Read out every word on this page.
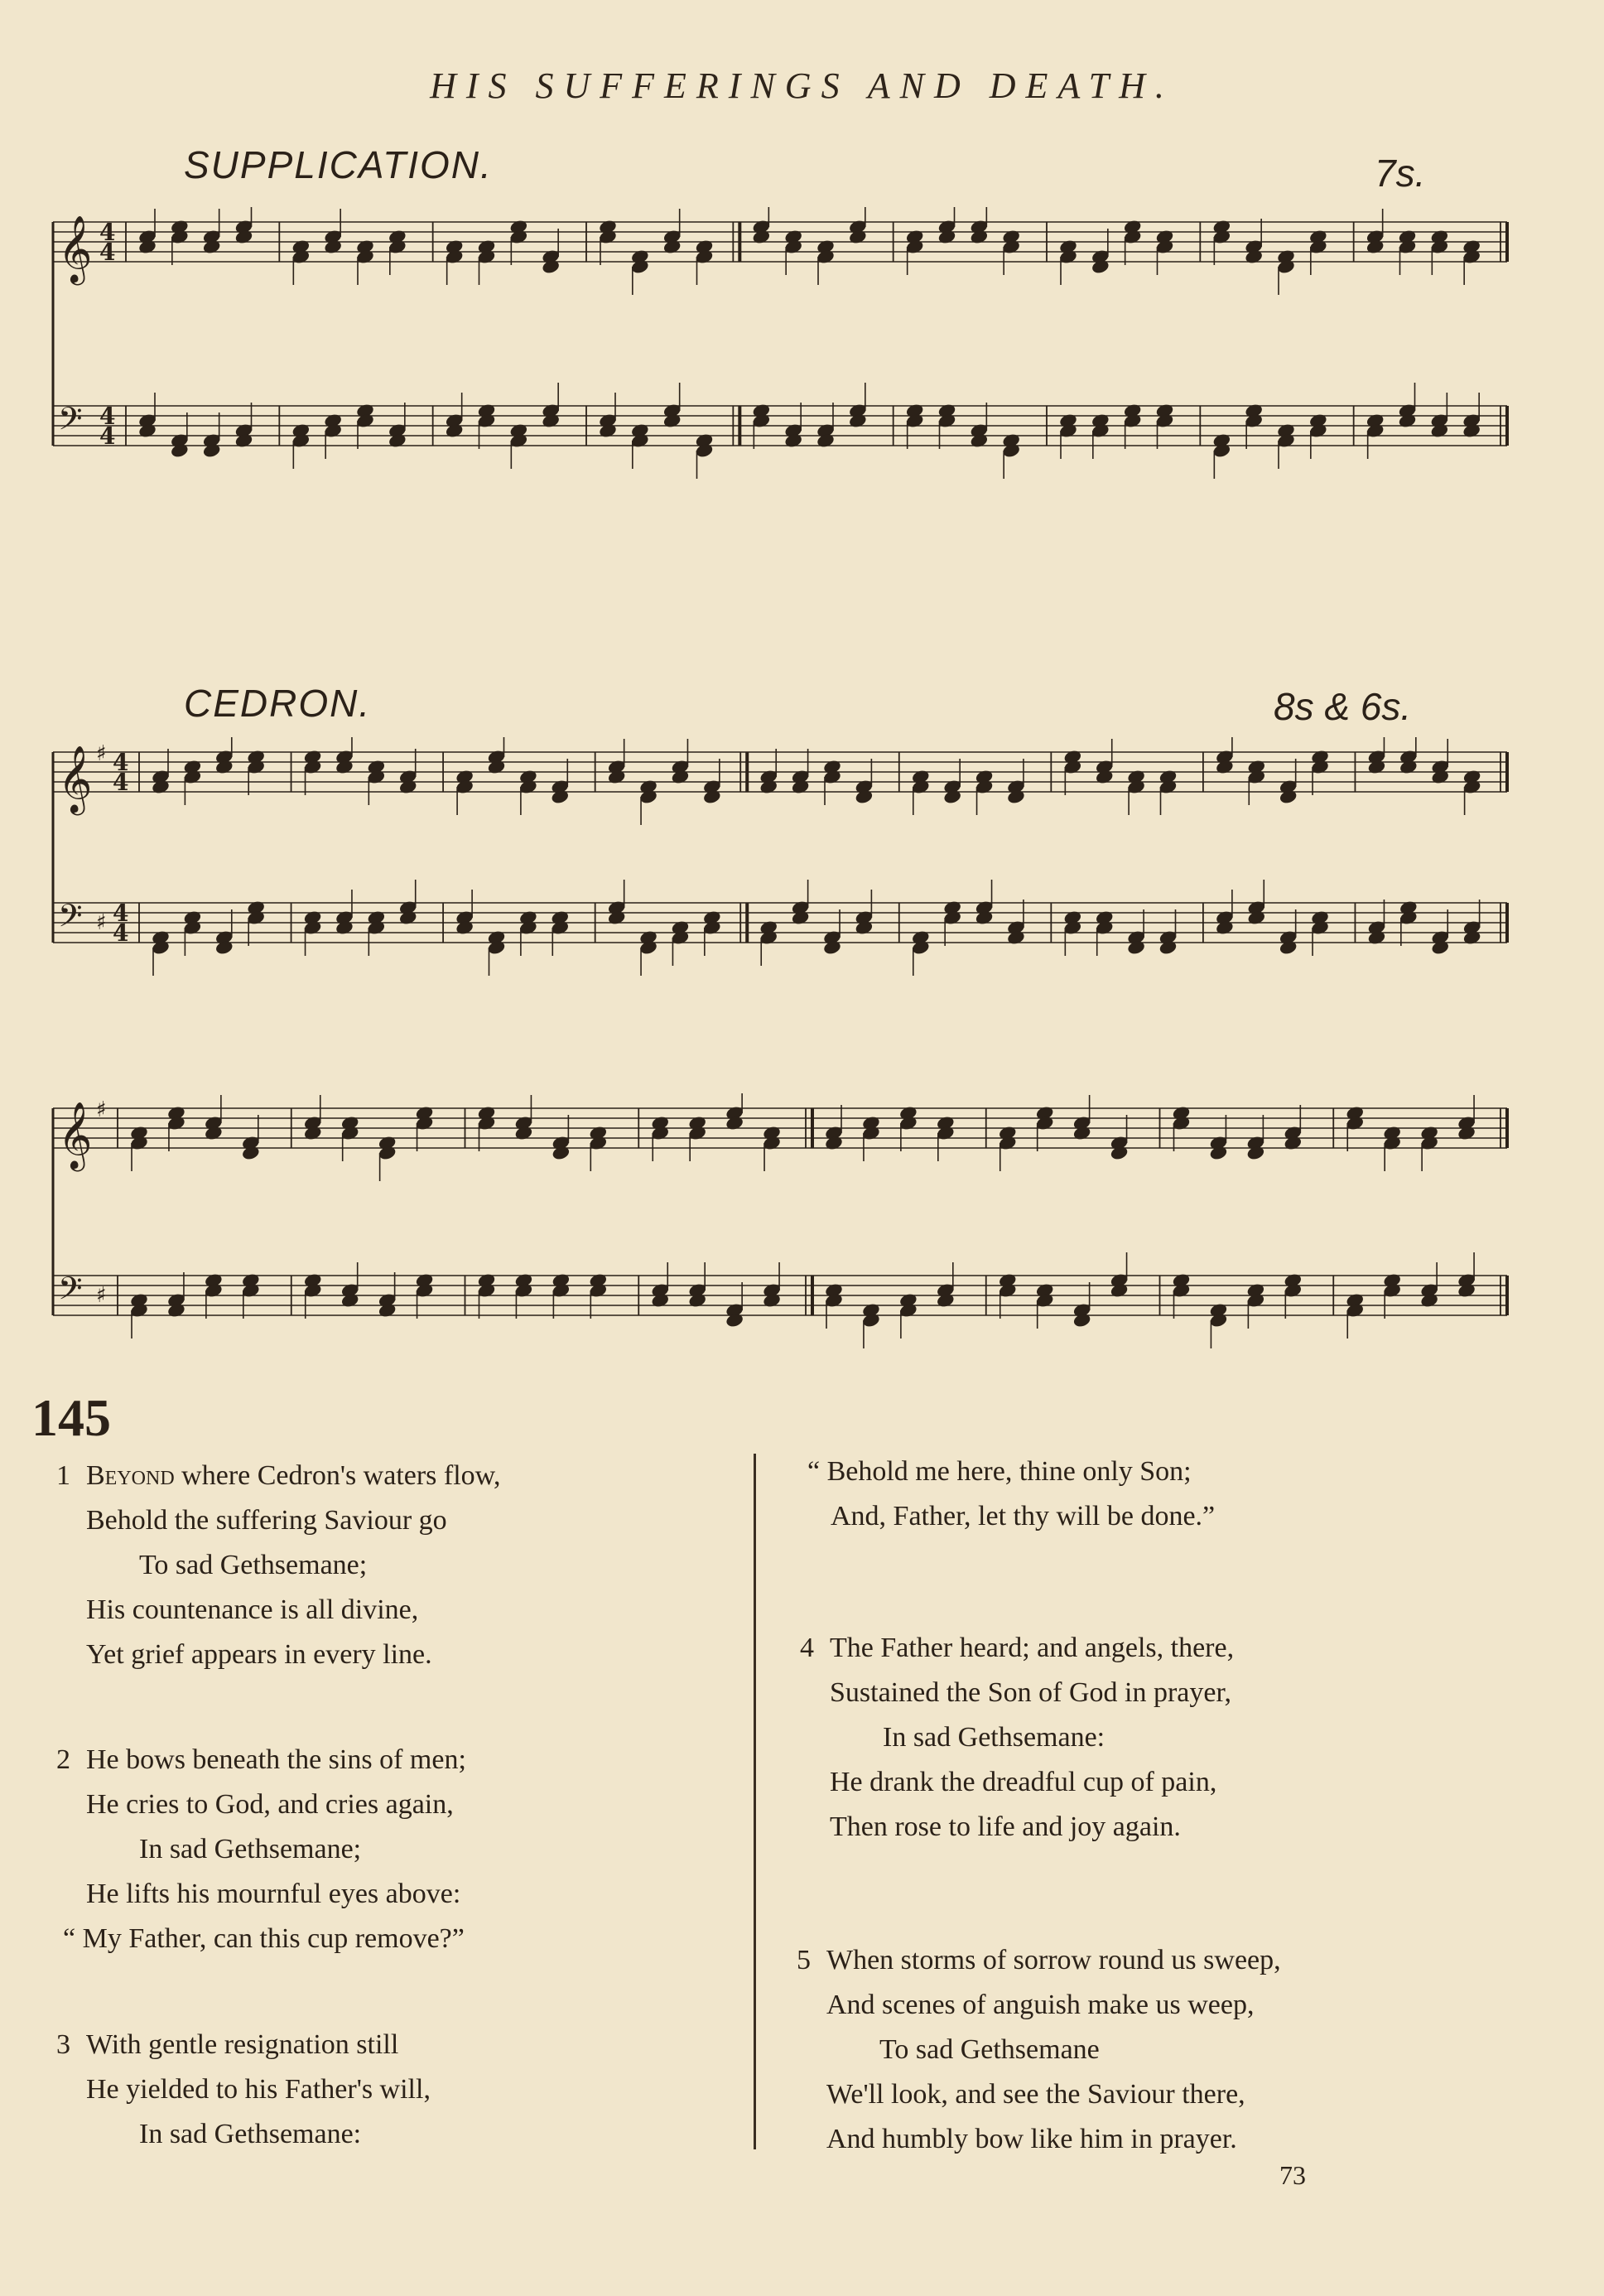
HIS SUFFERINGS AND DEATH.
SUPPLICATION.	7s.
𝄞 4
4
𝄢 4
4
CEDRON.	8s & 6s.
𝄞 ♯ 4
4
𝄢 ♯ 4
4
𝄞 ♯
𝄢 ♯
145
1 Beyond where Cedron's waters flow,
Behold the suffering Saviour go
To sad Gethsemane;
His countenance is all divine,
Yet grief appears in every line.
2 He bows beneath the sins of men;
He cries to God, and cries again,
In sad Gethsemane;
He lifts his mournful eyes above:
“ My Father, can this cup remove?”
3 With gentle resignation still
He yielded to his Father's will,
In sad Gethsemane:
“ Behold me here, thine only Son;
And, Father, let thy will be done.”
4 The Father heard; and angels, there,
Sustained the Son of God in prayer,
In sad Gethsemane:
He drank the dreadful cup of pain,
Then rose to life and joy again.
5 When storms of sorrow round us sweep,
And scenes of anguish make us weep,
To sad Gethsemane
We'll look, and see the Saviour there,
And humbly bow like him in prayer.
73
